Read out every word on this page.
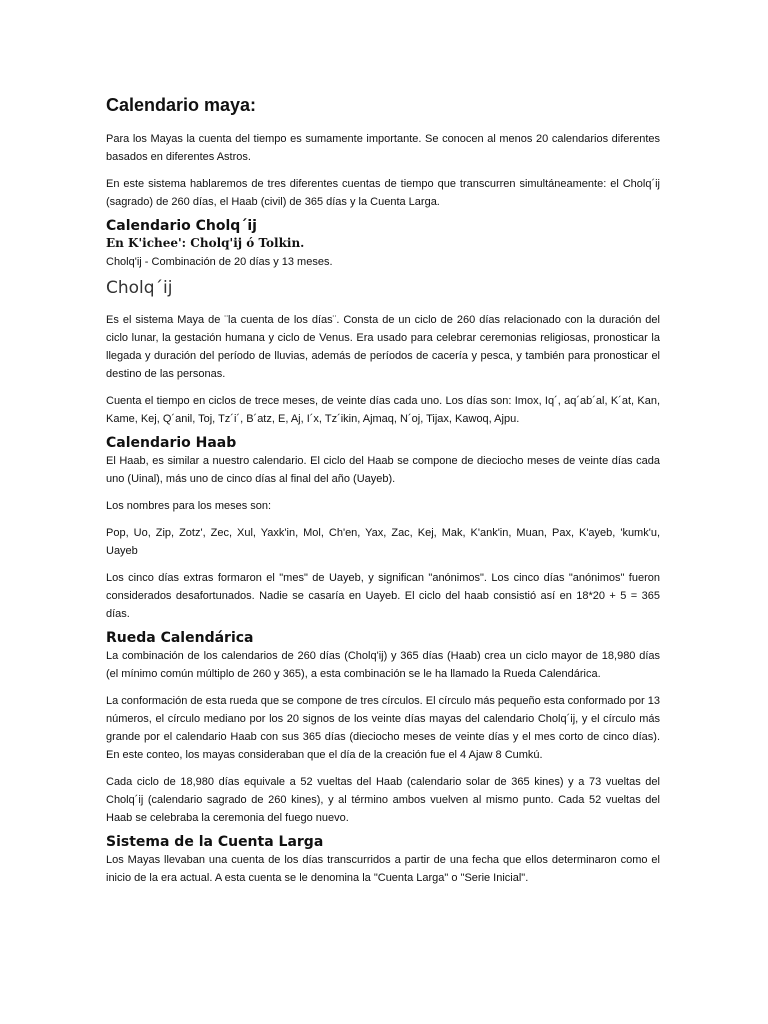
Calendario maya:

Para los Mayas la cuenta del tiempo es sumamente importante. Se conocen al menos 20 calendarios diferentes basados en diferentes Astros.

En este sistema hablaremos de tres diferentes cuentas de tiempo que transcurren simultáneamente: el Cholq´ij (sagrado) de 260 días, el Haab (civil) de 365 días y la Cuenta Larga.

Calendario Cholq´ij
En K'ichee': Cholq'ij ó Tolkin.

Cholq'ij - Combinación de 20 días y 13 meses.

Cholq´ij

Es el sistema Maya de ¨la cuenta de los días¨. Consta de un ciclo de 260 días relacionado con la duración del ciclo lunar, la gestación humana y ciclo de Venus. Era usado para celebrar ceremonias religiosas, pronosticar la llegada y duración del período de lluvias, además de períodos de cacería y pesca, y también para pronosticar el destino de las personas.

Cuenta el tiempo en ciclos de trece meses, de veinte días cada uno. Los días son: Imox, Iq´, aq´ab´al, K´at, Kan, Kame, Kej, Q´anil, Toj, Tz´i´, B´atz, E, Aj, I´x, Tz´ikin, Ajmaq, N´oj, Tijax, Kawoq, Ajpu.

Calendario Haab

El Haab, es similar a nuestro calendario. El ciclo del Haab se compone de dieciocho meses de veinte días cada uno (Uinal), más uno de cinco días al final del año (Uayeb).

Los nombres para los meses son:

Pop, Uo, Zip, Zotz', Zec, Xul, Yaxk'in, Mol, Ch'en, Yax, Zac, Kej, Mak, K'ank'in, Muan, Pax, K'ayeb, 'kumk'u, Uayeb

Los cinco días extras formaron el "mes" de Uayeb, y significan "anónimos". Los cinco días "anónimos" fueron considerados desafortunados. Nadie se casaría en Uayeb. El ciclo del haab consistió así en 18*20 + 5 = 365 días.

Rueda Calendárica

La combinación de los calendarios de 260 días (Cholq'ij) y 365 días (Haab) crea un ciclo mayor de 18,980 días (el mínimo común múltiplo de 260 y 365), a esta combinación se le ha llamado la Rueda Calendárica.

La conformación de esta rueda que se compone de tres círculos. El círculo más pequeño esta conformado por 13 números, el círculo mediano por los 20 signos de los veinte días mayas del calendario Cholq´ij, y el círculo más grande por el calendario Haab con sus 365 días (dieciocho meses de veinte días y el mes corto de cinco días). En este conteo, los mayas consideraban que el día de la creación fue el 4 Ajaw 8 Cumkú.

Cada ciclo de 18,980 días equivale a 52 vueltas del Haab (calendario solar de 365 kines) y a 73 vueltas del Cholq´ij (calendario sagrado de 260 kines), y al término ambos vuelven al mismo punto. Cada 52 vueltas del Haab se celebraba la ceremonia del fuego nuevo.

Sistema de la Cuenta Larga

Los Mayas llevaban una cuenta de los días transcurridos a partir de una fecha que ellos determinaron como el inicio de la era actual. A esta cuenta se le denomina la "Cuenta Larga" o "Serie Inicial".
